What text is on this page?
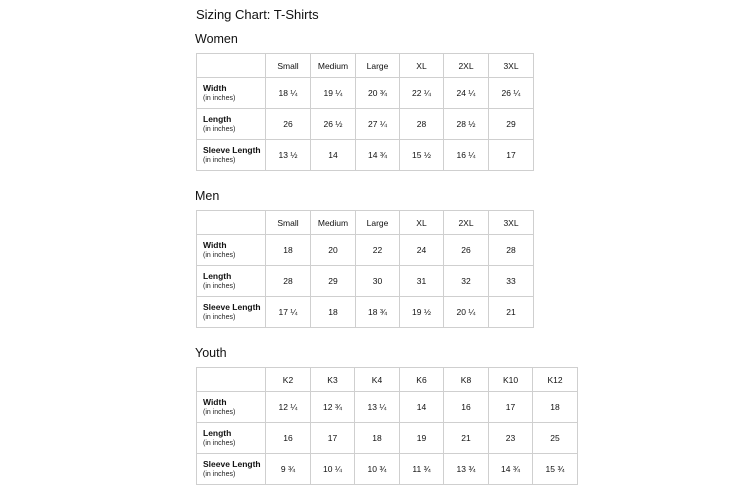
Sizing Chart: T-Shirts
Women
	Small	Medium	Large	XL	2XL	3XL

Width
(in inches)	18 ¼	19 ¼	20 ¾	22 ¼	24 ¼	26 ¼

Length
(in inches)	26	26 ½	27 ¼	28	28 ½	29

Sleeve Length
(in inches)	13 ½	14	14 ¾	15 ½	16 ¼	17
Men
	Small	Medium	Large	XL	2XL	3XL

Width
(in inches)	18	20	22	24	26	28

Length
(in inches)	28	29	30	31	32	33

Sleeve Length
(in inches)	17 ¼	18	18 ¾	19 ½	20 ¼	21
Youth
	K2	K3	K4	K6	K8	K10	K12

Width
(in inches)	12 ¼	12 ¾	13 ¼	14	16	17	18

Length
(in inches)	16	17	18	19	21	23	25

Sleeve Length
(in inches)	9 ¾	10 ¼	10 ¾	11 ¾	13 ¾	14 ¾	15 ¾
